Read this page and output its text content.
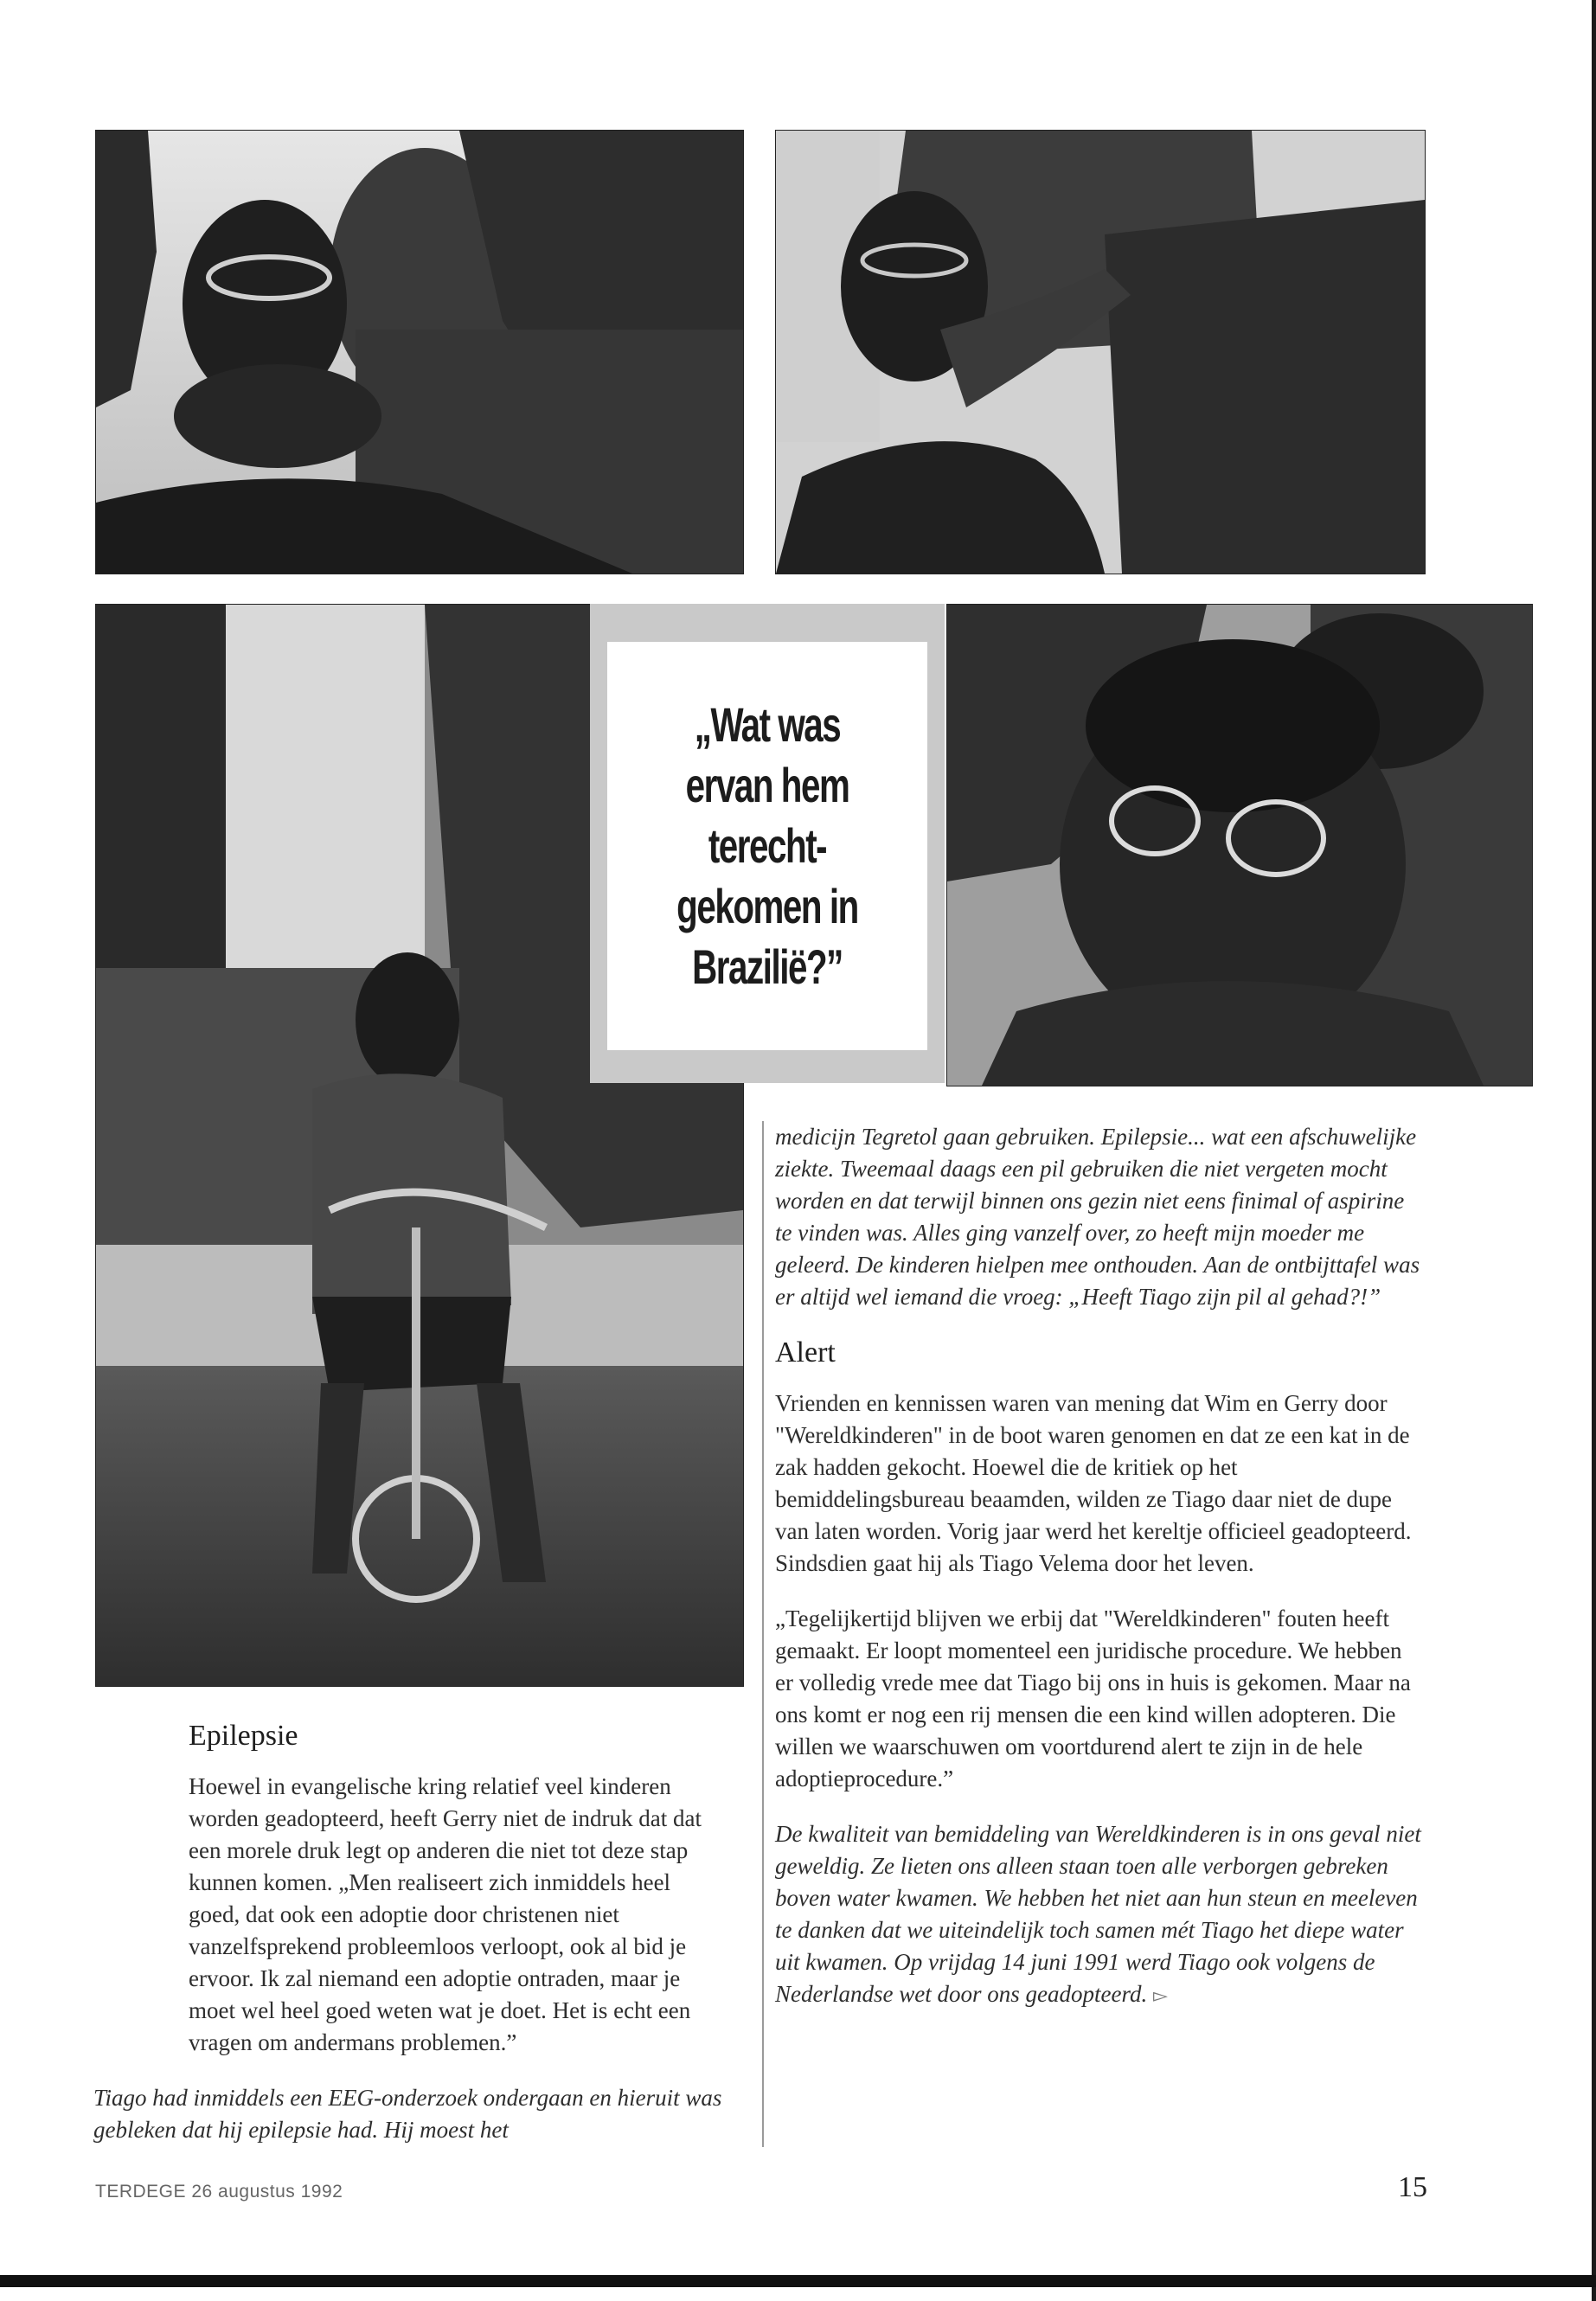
„Wat was ervan hem terecht-gekomen in Brazilië?”
Epilepsie

Hoewel in evangelische kring relatief veel kinderen worden geadopteerd, heeft Gerry niet de indruk dat dat een morele druk legt op anderen die niet tot deze stap kunnen komen. „Men realiseert zich inmiddels heel goed, dat ook een adoptie door christenen niet vanzelfsprekend probleemloos verloopt, ook al bid je ervoor. Ik zal niemand een adoptie ontraden, maar je moet wel heel goed weten wat je doet. Het is echt een vragen om andermans problemen.”

Tiago had inmiddels een EEG-onderzoek ondergaan en hieruit was gebleken dat hij epilepsie had. Hij moest het

medicijn Tegretol gaan gebruiken. Epilepsie... wat een afschuwelijke ziekte. Tweemaal daags een pil gebruiken die niet vergeten mocht worden en dat terwijl binnen ons gezin niet eens finimal of aspirine te vinden was. Alles ging vanzelf over, zo heeft mijn moeder me geleerd. De kinderen hielpen mee onthouden. Aan de ontbijttafel was er altijd wel iemand die vroeg: „Heeft Tiago zijn pil al gehad?!”

Alert

Vrienden en kennissen waren van mening dat Wim en Gerry door "Wereldkinderen" in de boot waren genomen en dat ze een kat in de zak hadden gekocht. Hoewel die de kritiek op het bemiddelingsbureau beaamden, wilden ze Tiago daar niet de dupe van laten worden. Vorig jaar werd het kereltje officieel geadopteerd. Sindsdien gaat hij als Tiago Velema door het leven.

„Tegelijkertijd blijven we erbij dat "Wereldkinderen" fouten heeft gemaakt. Er loopt momenteel een juridische procedure. We hebben er volledig vrede mee dat Tiago bij ons in huis is gekomen. Maar na ons komt er nog een rij mensen die een kind willen adopteren. Die willen we waarschuwen om voortdurend alert te zijn in de hele adoptieprocedure.”

De kwaliteit van bemiddeling van Wereldkinderen is in ons geval niet geweldig. Ze lieten ons alleen staan toen alle verborgen gebreken boven water kwamen. We hebben het niet aan hun steun en meeleven te danken dat we uiteindelijk toch samen mét Tiago het diepe water uit kwamen. Op vrijdag 14 juni 1991 werd Tiago ook volgens de Nederlandse wet door ons geadopteerd. ▻

TERDEGE 26 augustus 1992	15
